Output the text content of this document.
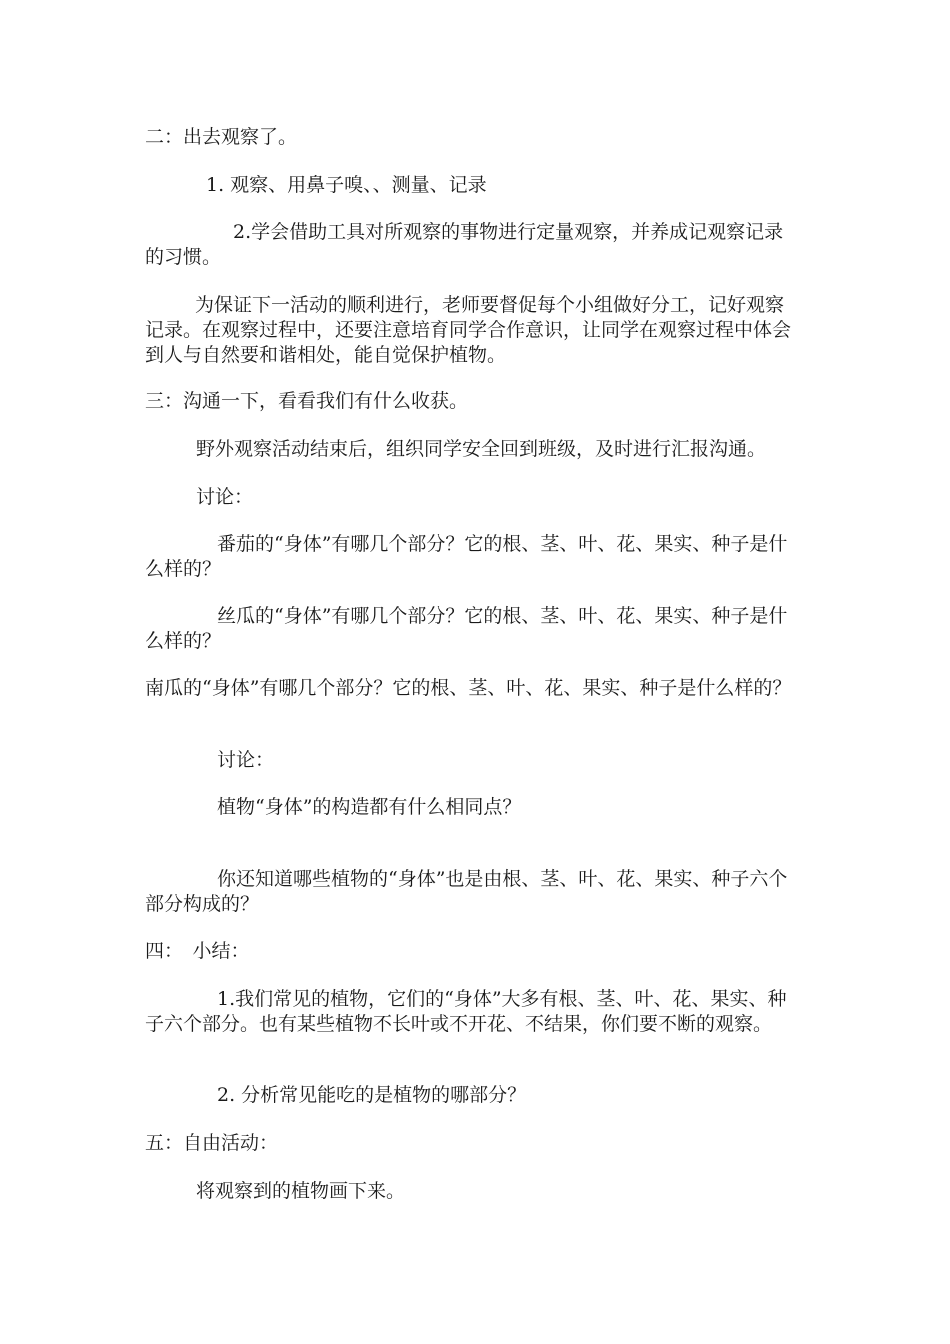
二：出去观察了。
1. 观察、用鼻子嗅、、测量、记录
2.学会借助工具对所观察的事物进行定量观察，并养成记观察记录的习惯。
为保证下一活动的顺利进行，老师要督促每个小组做好分工，记好观察记录。在观察过程中，还要注意培育同学合作意识，让同学在观察过程中体会到人与自然要和谐相处，能自觉保护植物。
三：沟通一下，看看我们有什么收获。
野外观察活动结束后，组织同学安全回到班级，及时进行汇报沟通。
讨论：
番茄的“身体”有哪几个部分？它的根、茎、叶、花、果实、种子是什么样的？
丝瓜的“身体”有哪几个部分？它的根、茎、叶、花、果实、种子是什么样的？
南瓜的“身体”有哪几个部分？它的根、茎、叶、花、果实、种子是什么样的？
讨论：
植物“身体”的构造都有什么相同点？
你还知道哪些植物的“身体”也是由根、茎、叶、花、果实、种子六个部分构成的？
四：　小结：
1.我们常见的植物，它们的“身体”大多有根、茎、叶、花、果实、种子六个部分。也有某些植物不长叶或不开花、不结果，你们要不断的观察。
2. 分析常见能吃的是植物的哪部分？
五：自由活动：
将观察到的植物画下来。
